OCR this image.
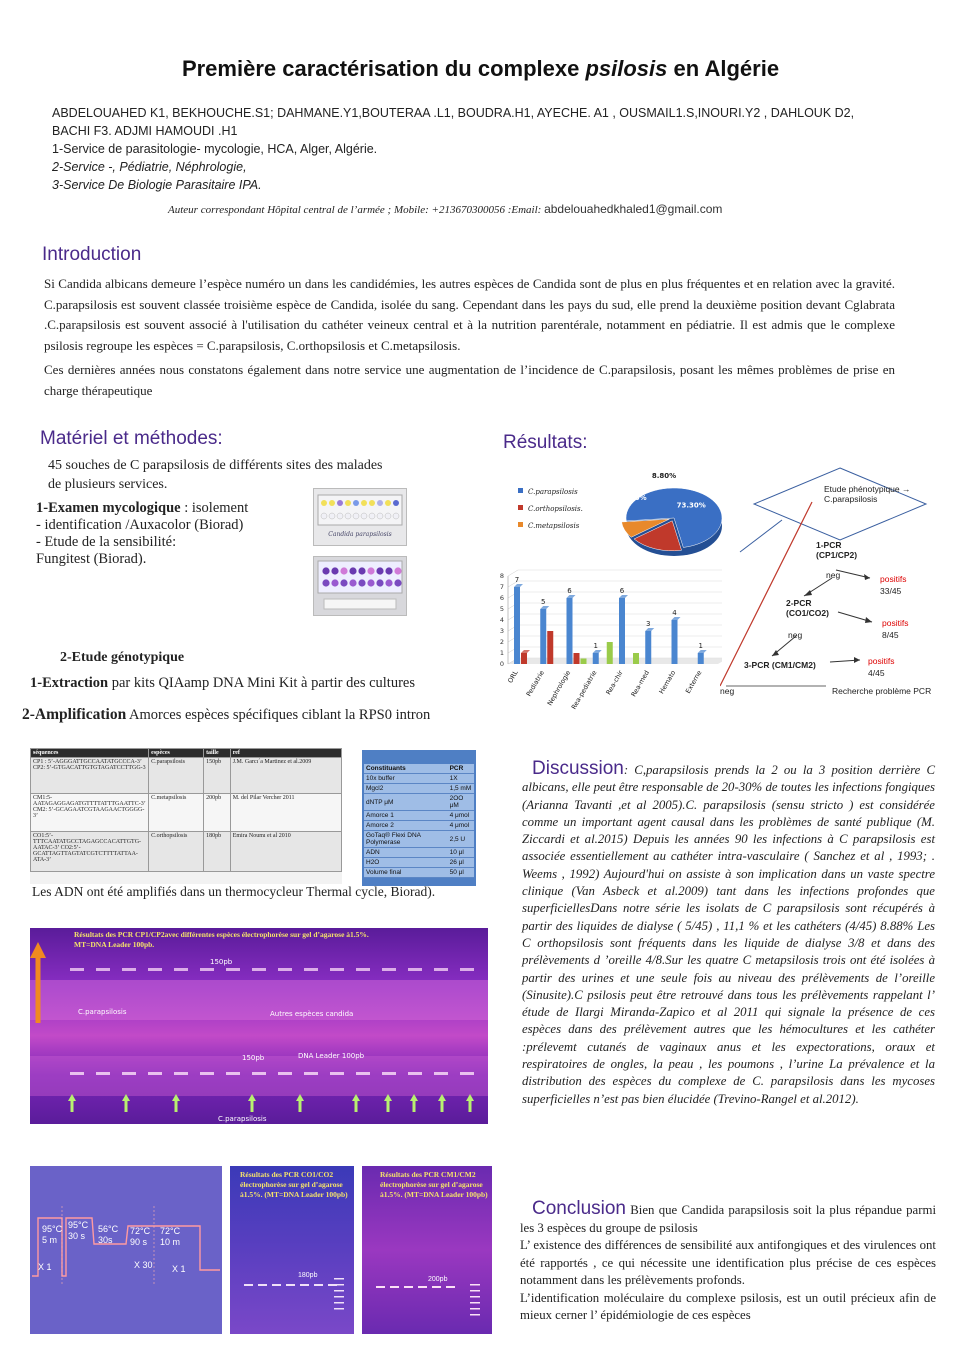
Première caractérisation du complexe psilosis en Algérie
ABDELOUAHED K1, BEKHOUCHE.S1; DAHMANE.Y1,BOUTERAA .L1, BOUDRA.H1, AYECHE. A1 , OUSMAIL1.S,INOURI.Y2 , DAHLOUK D2,
BACHI F3. ADJMI HAMOUDI .H1
1-Service de parasitologie- mycologie, HCA, Alger, Algérie.
2-Service -, Pédiatrie, Néphrologie,
3-Service De Biologie Parasitaire IPA.
Auteur correspondant Hôpital central de l’armée ; Mobile: +213670300056 :Email: abdelouahedkhaled1@gmail.com
Introduction
Si Candida albicans demeure l’espèce numéro un dans les candidémies, les autres espèces de Candida sont de plus en plus fréquentes et en relation avec la gravité. C.parapsilosis est souvent classée troisième espèce de Candida, isolée du sang. Cependant dans les pays du sud, elle prend la deuxième position devant Cglabrata .C.parapsilosis est souvent associé à l'utilisation du cathéter veineux central et à la nutrition parentérale, notamment en pédiatrie. Il est admis que le complexe psilosis regroupe les espèces = C.parapsilosis, C.orthopsilosis et C.metapsilosis.
Ces dernières années nous constatons également dans notre service une augmentation de l’incidence de C.parapsilosis, posant les mêmes problèmes de prise en charge thérapeutique
Matériel et méthodes:
45 souches de C parapsilosis de différents sites des malades de plusieurs services.
1-Examen mycologique : isolement
- identification /Auxacolor (Biorad)
- Etude de la sensibilité:
Fungitest (Biorad).
Candida parapsilosis
2-Etude génotypique
1-Extraction par kits QIAamp DNA Mini Kit à partir des cultures
2-Amplification Amorces espèces spécifiques ciblant la RPS0 intron
séquences	espèces	taille	ref
CP1 : 5’-AGGGATTGCCAATATGCCCA-3’ CP2: 5’-GTGACATTGTGTAGATCCTTGG-3	C.parapsilosis	150pb	J.M. Garcı´a Martinez et al.2009
CM1:5-AATAGAGGAGATGTTTTATTTGAATTC-3’ CM2: 5’-GCAGAATCGTAAGAACTGGGG-3’	C.metapsilosis	200pb	M. del Pilar Vercher 2011
CO1:5’-TTTCAATATGCCTAGAGCCACATTGTG-AATAC-3’ CO2:5’-GCATTAGTTAGTATCGTCTTTTATTAA-ATA-3’	C.orthopsilosis	180pb	Emira Noumı et al 2010
Constituants	PCR
10x buffer	1X
Mgcl2	1,5 mM
dNTP μM	2OO μM
Amorce 1	4 μmol
Amorce 2	4 μmol
GoTaq® Flexi DNA Polymerase	2,5 U
ADN	10 μl
H2O	26 μl
Volume final	50 μl
Les ADN ont été amplifiés dans un thermocycleur Thermal cycle, Biorad).
150pb
C.parapsilosis	Autres espèces candida
150pb	DNA Leader 100pb
C.parapsilosis
Résultats des PCR CP1/CP2avec différentes espèces électrophorèse sur gel d’agarose à1.5%. MT=DNA Leader 100pb.
95°C 5 m
95°C 30 s
56°C 30s
72°C 90 s
72°C 10 m
X 1	X 30 X 1
Résultats des PCR CO1/CO2 électrophorèse sur gel d’agarose à1.5%. (MT=DNA Leader 100pb)
180pb
Résultats des PCR CM1/CM2 électrophorèse sur gel d’agarose à1.5%. (MT=DNA Leader 100pb)
200pb
Résultats:
C.parapsilosis
C.orthopsilosis.
C.metapsilosis
73.30%
17.70%
8.80%
0
1
2
3
4
5
6
7
8 7
ORL
5
Pediatrie
6
Nephrologie
1
Rea-pediatrie
6
Rea-chir
3
Rea-med
4
Hemato
1
Externe
Etude phénotypique → C.parapsilosis
1-PCR (CP1/CP2)
neg	positifs
33/45
2-PCR (CO1/CO2)
neg
positifs
8/45
3-PCR (CM1/CM2)	positifs
4/45
neg	Recherche problème PCR
Discussion: C,parapsilosis prends la 2 ou la 3 position derrière C albicans, elle peut être responsable de 20-30% de toutes les infections fongiques (Arianna Tavanti ,et al 2005).C. parapsilosis (sensu stricto ) est considérée comme un important agent causal dans les problèmes de santé publique (M. Ziccardi et al.2015) Depuis les années 90 les infections à C parapsilosis est associée essentiellement au cathéter intra-vasculaire ( Sanchez et al , 1993; . Weems , 1992) Aujourd'hui on assiste à son implication dans un vaste spectre clinique (Van Asbeck et al.2009) tant dans les infections profondes que superficiellesDans notre série les isolats de C parapsilosis sont récupérés à partir des liquides de dialyse ( 5/45) , 11,1 % et les cathéters (4/45) 8.88% Les C orthopsilosis sont fréquents dans les liquide de dialyse 3/8 et dans des prélèvements d ’oreille 4/8.Sur les quatre C metapsilosis trois ont été isolées à partir des urines et une seule fois au niveau des prélèvements de l’oreille (Sinusite).C psilosis peut être retrouvé dans tous les prélèvements rappelant l’ étude de Ilargi Miranda-Zapico et al 2011 qui signale la présence de ces espèces dans des prélèvement autres que les hémocultures et les cathéter :prélevemt cutanés de vaginaux anus et les expectorations, oraux et respiratoires de ongles, la peau , les poumons , l’urine La prévalence et la distribution des espèces du complexe de C. parapsilosis dans les mycoses superficielles n’est pas bien élucidée (Trevino-Rangel et al.2012).
Conclusion Bien que Candida parapsilosis soit la plus répandue parmi les 3 espèces du groupe de psilosis
L’ existence des différences de sensibilité aux antifongiques et des virulences ont été rapportés , ce qui nécessite une identification plus précise de ces espèces notamment dans les prélèvements profonds.
L’identification moléculaire du complexe psilosis, est un outil précieux afin de mieux cerner l’ épidémiologie de ces espèces
